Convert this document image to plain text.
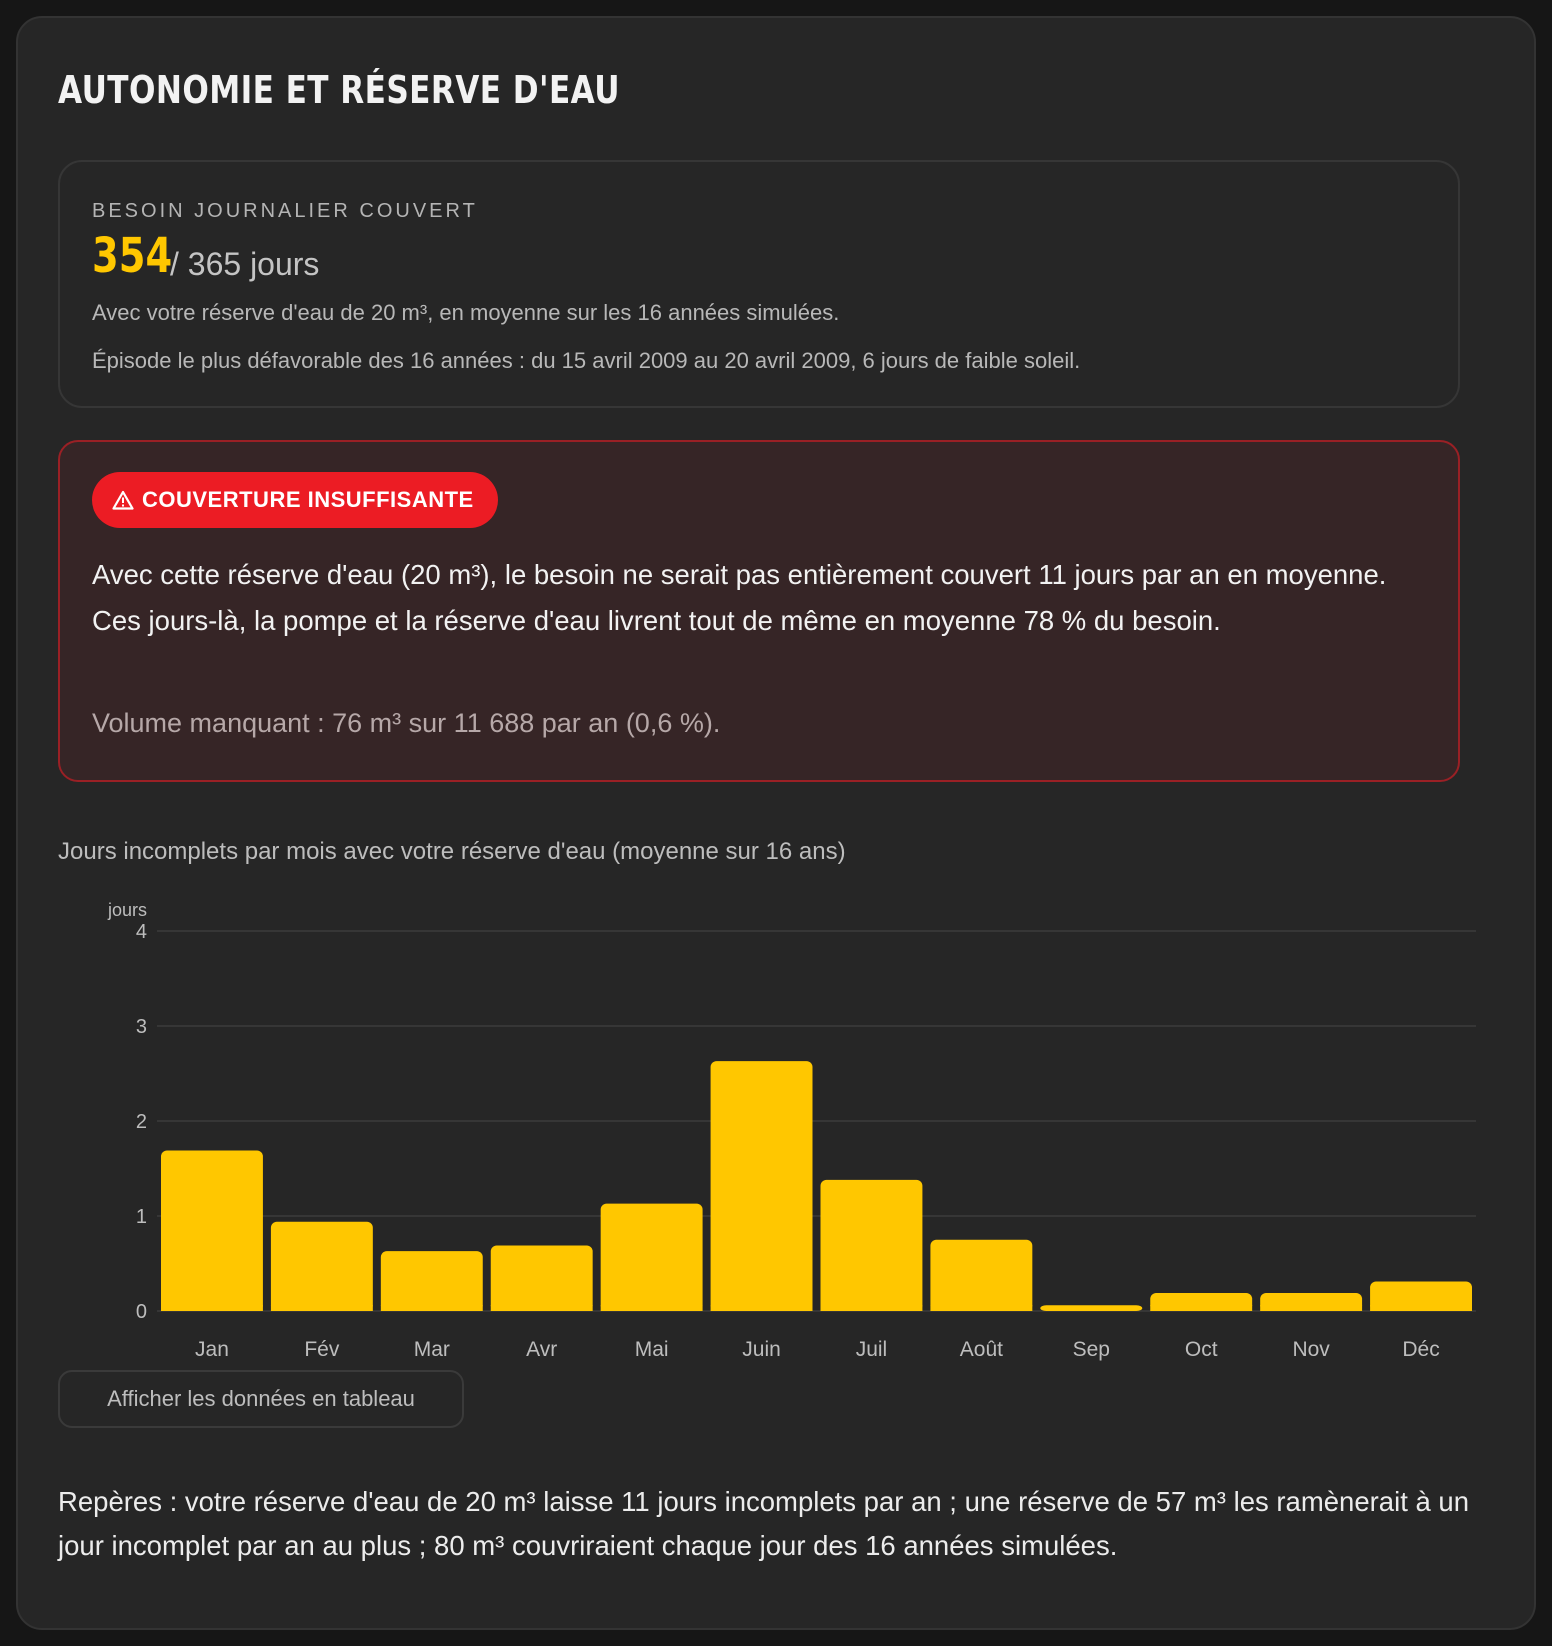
AUTONOMIE ET RÉSERVE D'EAU
BESOIN JOURNALIER COUVERT
354
/ 365 jours
Avec votre réserve d'eau de 20 m³, en moyenne sur les 16 années simulées.
Épisode le plus défavorable des 16 années : du 15 avril 2009 au 20 avril 2009, 6 jours de faible soleil.
COUVERTURE INSUFFISANTE
Avec cette réserve d'eau (20 m³), le besoin ne serait pas entièrement couvert 11 jours par an en moyenne. Ces jours-là, la pompe et la réserve d'eau livrent tout de même en moyenne 78 % du besoin.
Volume manquant : 76 m³ sur 11 688 par an (0,6 %).
Jours incomplets par mois avec votre réserve d'eau (moyenne sur 16 ans)
jours
0
1
2
3
4
Jan	Fév	Mar	Avr	Mai	Juin	Juil	Août	Sep	Oct	Nov	Déc
Afficher les données en tableau
Repères : votre réserve d'eau de 20 m³ laisse 11 jours incomplets par an ; une réserve de 57 m³ les ramènerait à un jour incomplet par an au plus ; 80 m³ couvriraient chaque jour des 16 années simulées.
